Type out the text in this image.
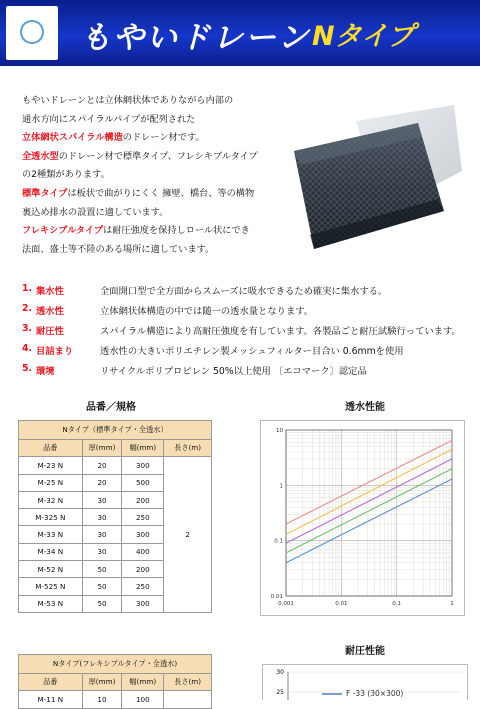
もやいドレーン Nタイプ
もやいドレーンとは立体網状体でありながら内部の
通水方向にスパイラルパイプが配列された
立体網状スパイラル構造のドレーン材です。
全透水型のドレーン材で標準タイプ、フレシキブルタイプ
の2種類があります。
標準タイプは板状で曲がりにくく 擁壁、橋台、等の構物
裏込め排水の設置に適しています。
フレキシブルタイプは耐圧強度を保持しロール状にでき
法面、盛土等不陸のある場所に適しています。
1. 集水性	全面開口型で全方面からスムーズに吸水できるため確実に集水する。
2. 透水性	立体網状体構造の中では随一の透水量となります。
3. 耐圧性	スパイラル構造により高耐圧強度を有しています。各製品ごと耐圧試験行っています。
4. 目詰まり	透水性の大きいポリエチレン製メッシュフィルター目合い 0.6mmを使用
5. 環境	リサイクルポリプロピレン 50%以上使用 〔エコマーク〕認定品
品番／規格	透水性能
耐圧性能
Nタイプ（標準タイプ・全透水）			
品番	厚(mm)	幅(mm)	長さ(m)
M-23 N	20	300	2
M-25 N	20	500	
M-32 N	30	200	
M-325 N	30	250	
M-33 N	30	300	
M-34 N	30	400	
M-52 N	50	200	
M-525 N	50	250	
M-53 N	50	300	
Nタイプ(フレキシブルタイプ・全透水)			
品番	厚(mm)	幅(mm)	長さ(m)
M-11 N	10	100	
0.001	0.01	0.1	1
10
1
0.1
0.01
30
25	F -33 (30×300)
